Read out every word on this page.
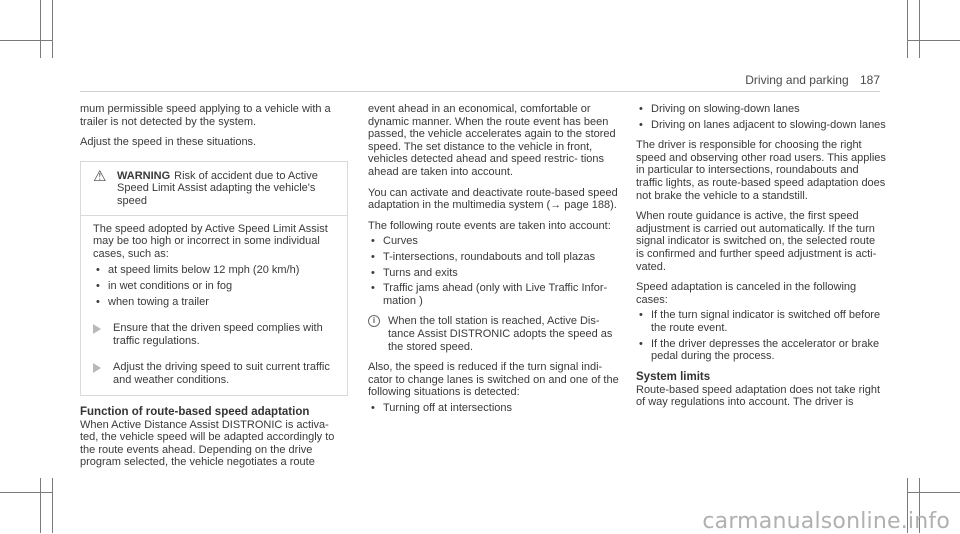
Driving and parking 187

mum permissible speed applying to a vehicle with a trailer is not detected by the system.

Adjust the speed in these situations.

⚠ WARNING Risk of accident due to Active Speed Limit Assist adapting the vehicle's speed

The speed adopted by Active Speed Limit Assist may be too high or incorrect in some individual cases, such as:

• at speed limits below 12 mph (20 km/h)
• in wet conditions or in fog
• when towing a trailer
Ensure that the driven speed complies with traffic regulations.
Adjust the driving speed to suit current traffic and weather conditions.
Function of route-based speed adaptation

When Active Distance Assist DISTRONIC is activa- ted, the vehicle speed will be adapted accordingly to the route events ahead. Depending on the drive program selected, the vehicle negotiates a route

event ahead in an economical, comfortable or dynamic manner. When the route event has been passed, the vehicle accelerates again to the stored speed. The set distance to the vehicle in front, vehicles detected ahead and speed restric- tions ahead are taken into account.

You can activate and deactivate route-based speed adaptation in the multimedia system (→ page 188).

The following route events are taken into account:

• Curves
• T-intersections, roundabouts and toll plazas
• Turns and exits
• Traffic jams ahead (only with Live Traffic Infor- mation )
i	When the toll station is reached, Active Dis- tance Assist DISTRONIC adopts the speed as the stored speed.

Also, the speed is reduced if the turn signal indi- cator to change lanes is switched on and one of the following situations is detected:

• Turning off at intersections
• Driving on slowing-down lanes
• Driving on lanes adjacent to slowing-down lanes

The driver is responsible for choosing the right speed and observing other road users. This applies in particular to intersections, roundabouts and traffic lights, as route-based speed adaptation does not brake the vehicle to a standstill.

When route guidance is active, the first speed adjustment is carried out automatically. If the turn signal indicator is switched on, the selected route is confirmed and further speed adjustment is acti- vated.

Speed adaptation is canceled in the following cases:

• If the turn signal indicator is switched off before the route event.
• If the driver depresses the accelerator or brake pedal during the process.
System limits

Route-based speed adaptation does not take right of way regulations into account. The driver is

carmanualsonline.info
